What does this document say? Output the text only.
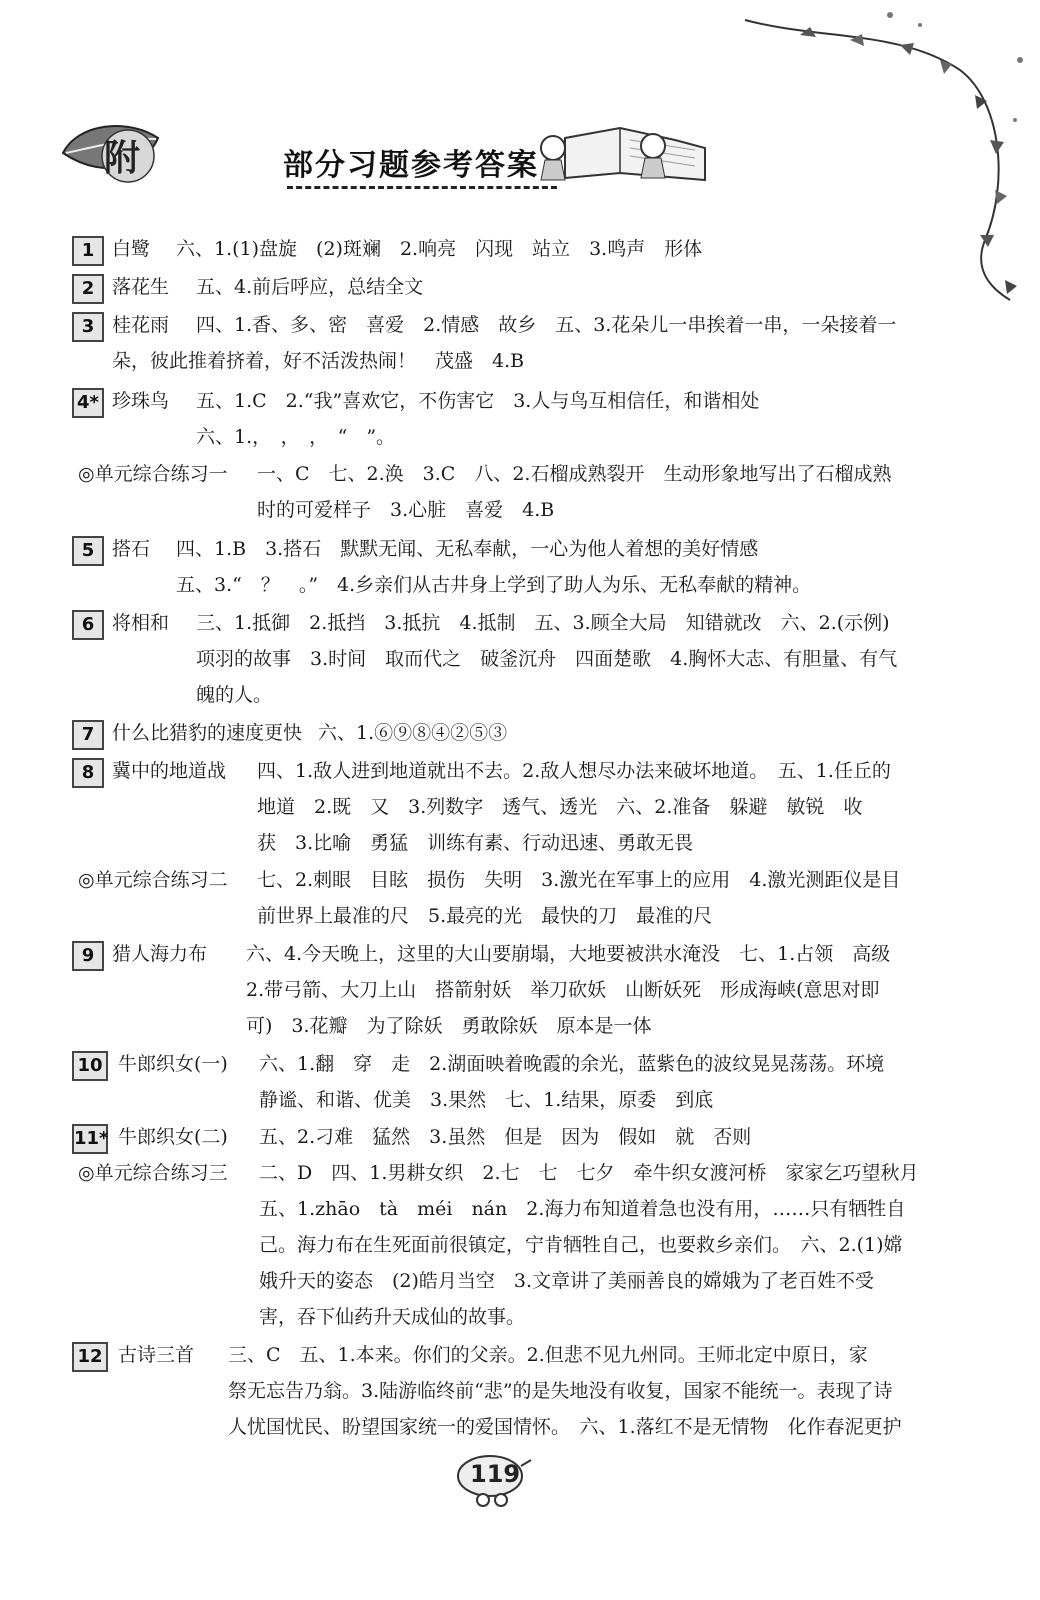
附	部分习题参考答案
1 白鹭 六、1.(1)盘旋　(2)斑斓　2.响亮　闪现　站立　3.鸣声　形体
2 落花生 五、4.前后呼应，总结全文
3 桂花雨 四、1.香、多、密　喜爱　2.情感　故乡　五、3.花朵儿一串挨着一串，一朵接着一
朵，彼此推着挤着，好不活泼热闹！　茂盛　4.B
4* 珍珠鸟 五、1.C　2.“我”喜欢它，不伤害它　3.人与鸟互相信任，和谐相处
六、1.，　，　，　“　”。
◎单元综合练习一 一、C　七、2.涣　3.C　八、2.石榴成熟裂开　生动形象地写出了石榴成熟
时的可爱样子　3.心脏　喜爱　4.B
5 搭石 四、1.B　3.搭石　默默无闻、无私奉献，一心为他人着想的美好情感
五、3.“　？　。”　4.乡亲们从古井身上学到了助人为乐、无私奉献的精神。
6 将相和 三、1.抵御　2.抵挡　3.抵抗　4.抵制　五、3.顾全大局　知错就改　六、2.(示例)
项羽的故事　3.时间　取而代之　破釜沉舟　四面楚歌　4.胸怀大志、有胆量、有气
魄的人。
7 什么比猎豹的速度更快 六、1.⑥⑨⑧④②⑤③
8 冀中的地道战 四、1.敌人进到地道就出不去。2.敌人想尽办法来破坏地道。　五、1.任丘的
地道　2.既　又　3.列数字　透气、透光　六、2.准备　躲避　敏锐　收
获　3.比喻　勇猛　训练有素、行动迅速、勇敢无畏
◎单元综合练习二 七、2.刺眼　目眩　损伤　失明　3.激光在军事上的应用　4.激光测距仪是目
前世界上最准的尺　5.最亮的光　最快的刀　最准的尺
9 猎人海力布 六、4.今天晚上，这里的大山要崩塌，大地要被洪水淹没　七、1.占领　高级
2.带弓箭、大刀上山　搭箭射妖　举刀砍妖　山断妖死　形成海峡(意思对即
可)　3.花瓣　为了除妖　勇敢除妖　原本是一体
10 牛郎织女(一) 六、1.翻　穿　走　2.湖面映着晚霞的余光，蓝紫色的波纹晃晃荡荡。环境
静谧、和谐、优美　3.果然　七、1.结果，原委　到底
11* 牛郎织女(二) 五、2.刁难　猛然　3.虽然　但是　因为　假如　就　否则
◎单元综合练习三 二、D　四、1.男耕女织　2.七　七　七夕　牵牛织女渡河桥　家家乞巧望秋月
五、1.zhāo　tà　méi　nán　2.海力布知道着急也没有用，……只有牺牲自
己。海力布在生死面前很镇定，宁肯牺牲自己，也要救乡亲们。　六、2.(1)嫦
娥升天的姿态　(2)皓月当空　3.文章讲了美丽善良的嫦娥为了老百姓不受
害，吞下仙药升天成仙的故事。
12 古诗三首 三、C　五、1.本来。你们的父亲。2.但悲不见九州同。王师北定中原日，家
祭无忘告乃翁。3.陆游临终前“悲”的是失地没有收复，国家不能统一。表现了诗
人忧国忧民、盼望国家统一的爱国情怀。　六、1.落红不是无情物　化作春泥更护
119
